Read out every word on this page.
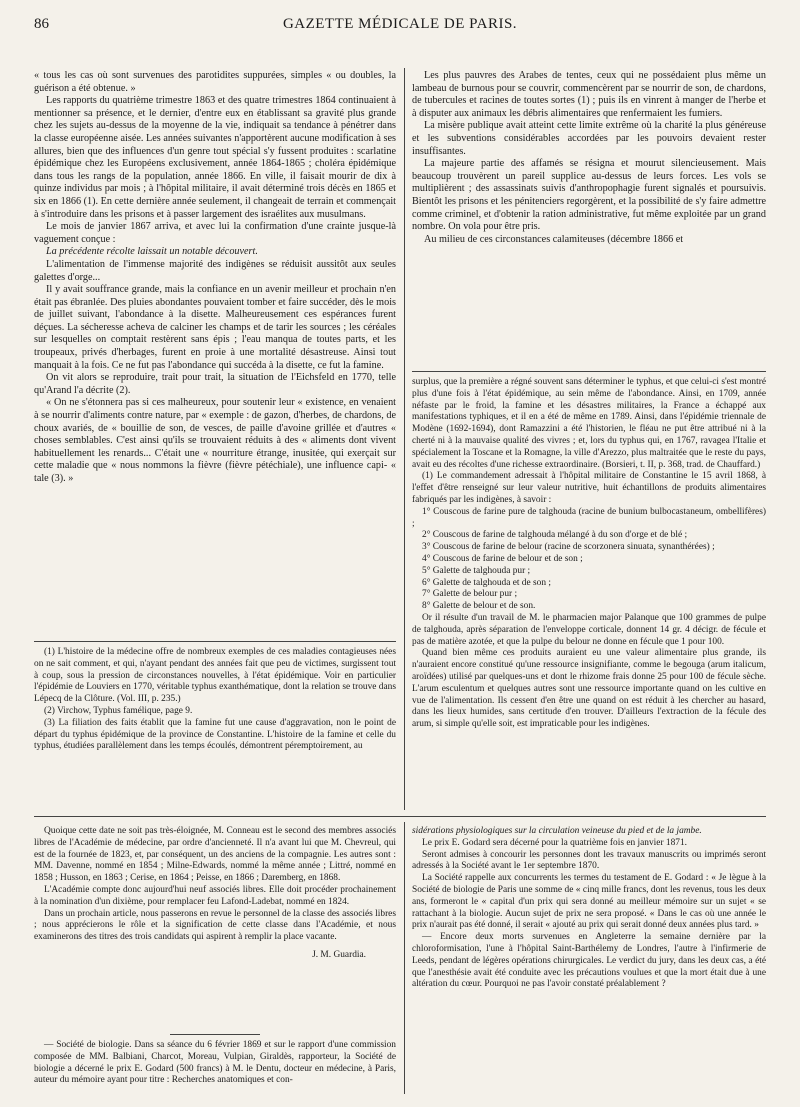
86	GAZETTE MÉDICALE DE PARIS.

« tous les cas où sont survenues des parotidites suppurées, simples « ou doubles, la guérison a été obtenue. »

Les rapports du quatrième trimestre 1863 et des quatre trimestres 1864 continuaient à mentionner sa présence, et le dernier, d'entre eux en établissant sa gravité plus grande chez les sujets au-dessus de la moyenne de la vie, indiquait sa tendance à pénétrer dans la classe européenne aisée. Les années suivantes n'apportèrent aucune modification à ses allures, bien que des influences d'un genre tout spécial s'y fussent produites : scarlatine épidémique chez les Européens exclusivement, année 1864-1865 ; choléra épidémique dans tous les rangs de la population, année 1866. En ville, il faisait mourir de dix à quinze individus par mois ; à l'hôpital militaire, il avait déterminé trois décès en 1865 et six en 1866 (1). En cette dernière année seulement, il changeait de terrain et commençait à s'introduire dans les prisons et à passer largement des israélites aux musulmans.

Le mois de janvier 1867 arriva, et avec lui la confirmation d'une crainte jusque-là vaguement conçue :

La précédente récolte laissait un notable découvert.

L'alimentation de l'immense majorité des indigènes se réduisit aussitôt aux seules galettes d'orge...

Il y avait souffrance grande, mais la confiance en un avenir meilleur et prochain n'en était pas ébranlée. Des pluies abondantes pouvaient tomber et faire succéder, dès le mois de juillet suivant, l'abondance à la disette. Malheureusement ces espérances furent déçues. La sécheresse acheva de calciner les champs et de tarir les sources ; les céréales sur lesquelles on comptait restèrent sans épis ; l'eau manqua de toutes parts, et les troupeaux, privés d'herbages, furent en proie à une mortalité désastreuse. Ainsi tout manquait à la fois. Ce ne fut pas l'abondance qui succéda à la disette, ce fut la famine.

On vit alors se reproduire, trait pour trait, la situation de l'Eichsfeld en 1770, telle qu'Arand l'a décrite (2).

« On ne s'étonnera pas si ces malheureux, pour soutenir leur « existence, en venaient à se nourrir d'aliments contre nature, par « exemple : de gazon, d'herbes, de chardons, de choux avariés, de « bouillie de son, de vesces, de paille d'avoine grillée et d'autres « choses semblables. C'est ainsi qu'ils se trouvaient réduits à des « aliments dont vivent habituellement les renards... C'était une « nourriture étrange, inusitée, qui exerçait sur cette maladie que « nous nommons la fièvre (fièvre pétéchiale), une influence capi- « tale (3). »

(1) L'histoire de la médecine offre de nombreux exemples de ces maladies contagieuses nées on ne sait comment, et qui, n'ayant pendant des années fait que peu de victimes, surgissent tout à coup, sous la pression de circonstances nouvelles, à l'état épidémique. Voir en particulier l'épidémie de Louviers en 1770, véritable typhus exanthématique, dont la relation se trouve dans Lépecq de la Clôture. (Vol. III, p. 235.)

(2) Virchow, Typhus famélique, page 9.

(3) La filiation des faits établit que la famine fut une cause d'aggravation, non le point de départ du typhus épidémique de la province de Constantine. L'histoire de la famine et celle du typhus, étudiées parallèlement dans les temps écoulés, démontrent péremptoirement, au

Les plus pauvres des Arabes de tentes, ceux qui ne possédaient plus même un lambeau de burnous pour se couvrir, commencèrent par se nourrir de son, de chardons, de tubercules et racines de toutes sortes (1) ; puis ils en vinrent à manger de l'herbe et à disputer aux animaux les débris alimentaires que renfermaient les fumiers.

La misère publique avait atteint cette limite extrême où la charité la plus généreuse et les subventions considérables accordées par les pouvoirs devaient rester insuffisantes.

La majeure partie des affamés se résigna et mourut silencieusement. Mais beaucoup trouvèrent un pareil supplice au-dessus de leurs forces. Les vols se multiplièrent ; des assassinats suivis d'anthropophagie furent signalés et poursuivis. Bientôt les prisons et les pénitenciers regorgèrent, et la possibilité de s'y faire admettre comme criminel, et d'obtenir la ration administrative, fut même exploitée par un grand nombre. On vola pour être pris.

Au milieu de ces circonstances calamiteuses (décembre 1866 et

surplus, que la première a régné souvent sans déterminer le typhus, et que celui-ci s'est montré plus d'une fois à l'état épidémique, au sein même de l'abondance. Ainsi, en 1709, année néfaste par le froid, la famine et les désastres militaires, la France a échappé aux manifestations typhiques, et il en a été de même en 1789. Ainsi, dans l'épidémie triennale de Modène (1692-1694), dont Ramazzini a été l'historien, le fléau ne put être attribué ni à la cherté ni à la mauvaise qualité des vivres ; et, lors du typhus qui, en 1767, ravagea l'Italie et spécialement la Toscane et la Romagne, la ville d'Arezzo, plus maltraitée que le reste du pays, avait eu des récoltes d'une richesse extraordinaire. (Borsieri, t. II, p. 368, trad. de Chauffard.)

(1) Le commandement adressait à l'hôpital militaire de Constantine le 15 avril 1868, à l'effet d'être renseigné sur leur valeur nutritive, huit échantillons de produits alimentaires fabriqués par les indigènes, à savoir :

1° Couscous de farine pure de talghouda (racine de bunium bulbocastaneum, ombellifères) ;

2° Couscous de farine de talghouda mélangé à du son d'orge et de blé ;

3° Couscous de farine de belour (racine de scorzonera sinuata, synanthérées) ;

4° Couscous de farine de belour et de son ;

5° Galette de talghouda pur ;

6° Galette de talghouda et de son ;

7° Galette de belour pur ;

8° Galette de belour et de son.

Or il résulte d'un travail de M. le pharmacien major Palanque que 100 grammes de pulpe de talghouda, après séparation de l'enveloppe corticale, donnent 14 gr. 4 décigr. de fécule et pas de matière azotée, et que la pulpe du belour ne donne en fécule que 1 pour 100.

Quand bien même ces produits auraient eu une valeur alimentaire plus grande, ils n'auraient encore constitué qu'une ressource insignifiante, comme le begouga (arum italicum, aroïdées) utilisé par quelques-uns et dont le rhizome frais donne 25 pour 100 de fécule sèche. L'arum esculentum et quelques autres sont une ressource importante quand on les cultive en vue de l'alimentation. Ils cessent d'en être une quand on est réduit à les chercher au hasard, dans les lieux humides, sans certitude d'en trouver. D'ailleurs l'extraction de la fécule des arum, si simple qu'elle soit, est impraticable pour les indigènes.

Quoique cette date ne soit pas très-éloignée, M. Conneau est le second des membres associés libres de l'Académie de médecine, par ordre d'ancienneté. Il n'a avant lui que M. Chevreul, qui est de la fournée de 1823, et, par conséquent, un des anciens de la compagnie. Les autres sont : MM. Davenne, nommé en 1854 ; Milne-Edwards, nommé la même année ; Littré, nommé en 1858 ; Husson, en 1863 ; Cerise, en 1864 ; Peisse, en 1866 ; Daremberg, en 1868.

L'Académie compte donc aujourd'hui neuf associés libres. Elle doit procéder prochainement à la nomination d'un dixième, pour remplacer feu Lafond-Ladebat, nommé en 1824.

Dans un prochain article, nous passerons en revue le personnel de la classe des associés libres ; nous apprécierons le rôle et la signification de cette classe dans l'Académie, et nous examinerons des titres des trois candidats qui aspirent à remplir la place vacante.

J. M. Guardia.

— Société de biologie. Dans sa séance du 6 février 1869 et sur le rapport d'une commission composée de MM. Balbiani, Charcot, Moreau, Vulpian, Giraldès, rapporteur, la Société de biologie a décerné le prix E. Godard (500 francs) à M. le Dentu, docteur en médecine, à Paris, auteur du mémoire ayant pour titre : Recherches anatomiques et con-

sidérations physiologiques sur la circulation veineuse du pied et de la jambe.

Le prix E. Godard sera décerné pour la quatrième fois en janvier 1871.

Seront admises à concourir les personnes dont les travaux manuscrits ou imprimés seront adressés à la Société avant le 1er septembre 1870.

La Société rappelle aux concurrents les termes du testament de E. Godard : « Je lègue à la Société de biologie de Paris une somme de « cinq mille francs, dont les revenus, tous les deux ans, formeront le « capital d'un prix qui sera donné au meilleur mémoire sur un sujet « se rattachant à la biologie. Aucun sujet de prix ne sera proposé. « Dans le cas où une année le prix n'aurait pas été donné, il serait « ajouté au prix qui serait donné deux années plus tard. »

— Encore deux morts survenues en Angleterre la semaine dernière par la chloroformisation, l'une à l'hôpital Saint-Barthélemy de Londres, l'autre à l'infirmerie de Leeds, pendant de légères opérations chirurgicales. Le verdict du jury, dans les deux cas, a été que l'anesthésie avait été conduite avec les précautions voulues et que la mort était due à une altération du cœur. Pourquoi ne pas l'avoir constaté préalablement ?
